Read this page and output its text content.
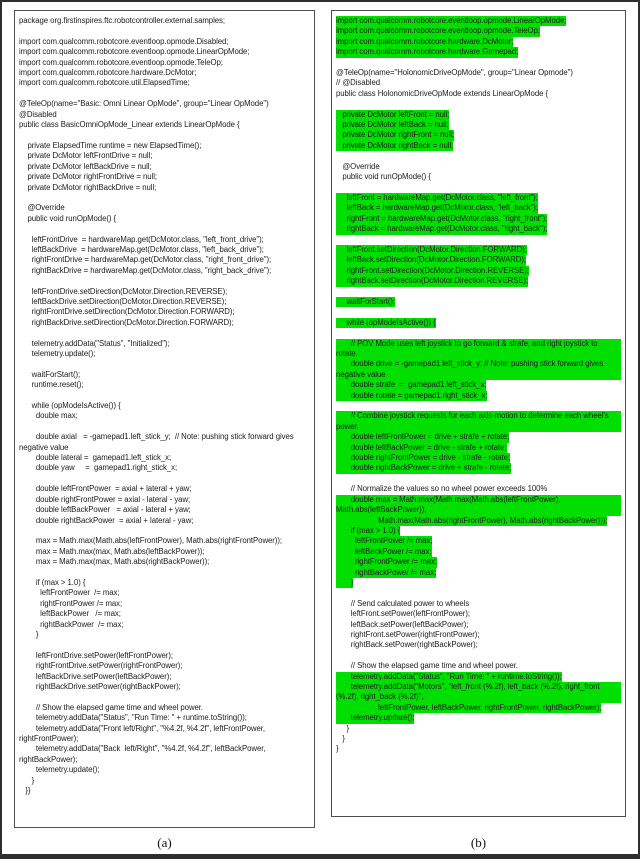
package org.firstinspires.ftc.robotcontroller.external.samples;

import com.qualcomm.robotcore.eventloop.opmode.Disabled;
import com.qualcomm.robotcore.eventloop.opmode.LinearOpMode;
import com.qualcomm.robotcore.eventloop.opmode.TeleOp;
import com.qualcomm.robotcore.hardware.DcMotor;
import com.qualcomm.robotcore.util.ElapsedTime;

@TeleOp(name="Basic: Omni Linear OpMode", group="Linear OpMode")
@Disabled
public class BasicOmniOpMode_Linear extends LinearOpMode {

private ElapsedTime runtime = new ElapsedTime();
private DcMotor leftFrontDrive = null;
private DcMotor leftBackDrive = null;
private DcMotor rightFrontDrive = null;
private DcMotor rightBackDrive = null;

@Override
public void runOpMode() {

leftFrontDrive  = hardwareMap.get(DcMotor.class, "left_front_drive");
leftBackDrive  = hardwareMap.get(DcMotor.class, "left_back_drive");
rightFrontDrive = hardwareMap.get(DcMotor.class, "right_front_drive");
rightBackDrive = hardwareMap.get(DcMotor.class, "right_back_drive");

leftFrontDrive.setDirection(DcMotor.Direction.REVERSE);
leftBackDrive.setDirection(DcMotor.Direction.REVERSE);
rightFrontDrive.setDirection(DcMotor.Direction.FORWARD);
rightBackDrive.setDirection(DcMotor.Direction.FORWARD);

telemetry.addData("Status", "Initialized");
telemetry.update();

waitForStart();
runtime.reset();

while (opModeIsActive()) {
double max;

double axial   = -gamepad1.left_stick_y;  // Note: pushing stick forward gives negative value
double lateral =  gamepad1.left_stick_x;
double yaw     =  gamepad1.right_stick_x;

double leftFrontPower  = axial + lateral + yaw;
double rightFrontPower = axial - lateral - yaw;
double leftBackPower   = axial - lateral + yaw;
double rightBackPower  = axial + lateral - yaw;

max = Math.max(Math.abs(leftFrontPower), Math.abs(rightFrontPower));
max = Math.max(max, Math.abs(leftBackPower));
max = Math.max(max, Math.abs(rightBackPower));

if (max > 1.0) {
leftFrontPower  /= max;
rightFrontPower /= max;
leftBackPower   /= max;
rightBackPower  /= max;
}

leftFrontDrive.setPower(leftFrontPower);
rightFrontDrive.setPower(rightFrontPower);
leftBackDrive.setPower(leftBackPower);
rightBackDrive.setPower(rightBackPower);

// Show the elapsed game time and wheel power.
telemetry.addData("Status", "Run Time: " + runtime.toString());
telemetry.addData("Front left/Right", "%4.2f, %4.2f", leftFrontPower, rightFrontPower);
telemetry.addData("Back  left/Right", "%4.2f, %4.2f", leftBackPower, rightBackPower);
telemetry.update();
}
}}
import com.qualcomm.robotcore.eventloop.opmode.LinearOpMode;
import com.qualcomm.robotcore.eventloop.opmode.TeleOp;
import com.qualcomm.robotcore.hardware.DcMotor;
import com.qualcomm.robotcore.hardware.Gamepad;

@TeleOp(name="HolonomicDriveOpMode", group="Linear Opmode")
// @Disabled
public class HolonomicDriveOpMode extends LinearOpMode {

private DcMotor leftFront = null;
private DcMotor leftBack = null;
private DcMotor rightFront = null;
private DcMotor rightBack = null;

@Override
public void runOpMode() {

leftFront = hardwareMap.get(DcMotor.class, "left_front");
leftBack = hardwareMap.get(DcMotor.class, "left_back");
rightFront = hardwareMap.get(DcMotor.class, "right_front");
rightBack = hardwareMap.get(DcMotor.class, "right_back");

leftFront.setDirection(DcMotor.Direction.FORWARD);
leftBack.setDirection(DcMotor.Direction.FORWARD);
rightFront.setDirection(DcMotor.Direction.REVERSE);
rightBack.setDirection(DcMotor.Direction.REVERSE);

waitForStart();

while (opModeIsActive()) {

// POV Mode uses left joystick to go forward & strafe, and right joystick to rotate.
double drive = -gamepad1.left_stick_y; // Note: pushing stick forward gives negative value
double strafe  =  gamepad1.left_stick_x;
double rotate = gamepad1.right_stick_x;

// Combine joystick requests for each axis-motion to determine each wheel's power.
double leftFrontPower = drive + strafe + rotate;
double leftBackPower = drive - strafe + rotate;
double rightFrontPower = drive - strafe - rotate;
double rightBackPower = drive + strafe - rotate;

// Normalize the values so no wheel power exceeds 100%
double max = Math.max(Math.max(Math.abs(leftFrontPower), Math.abs(leftBackPower)),
Math.max(Math.abs(rightFrontPower), Math.abs(rightBackPower)));
if (max > 1.0) {
leftFrontPower /= max;
leftBackPower /= max;
rightFrontPower /= max;
rightBackPower /= max;
}

// Send calculated power to wheels
leftFront.setPower(leftFrontPower);
leftBack.setPower(leftBackPower);
rightFront.setPower(rightFrontPower);
rightBack.setPower(rightBackPower);

// Show the elapsed game time and wheel power.
telemetry.addData("Status", "Run Time: " + runtime.toString());
telemetry.addData("Motors", "left_front (%.2f), left_back (%.2f), right_front (%.2f), right_back (%.2f)",
leftFrontPower, leftBackPower, rightFrontPower, rightBackPower);
telemetry.update();
}
}
}
(a)	(b)
